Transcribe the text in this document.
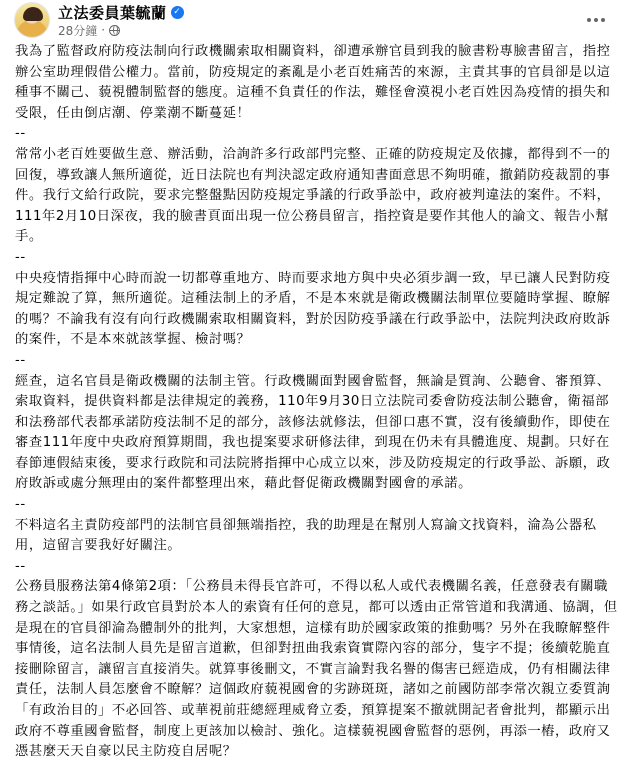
立法委員葉毓蘭 ✓
28分鐘 ·

我為了監督政府防疫法制向行政機關索取相關資料，卻遭承辦官員到我的臉書粉專臉書留言，指控辦公室助理假借公權力。當前，防疫規定的紊亂是小老百姓痛苦的來源，主責其事的官員卻是以這種事不關己、藐視體制監督的態度。這種不負責任的作法，難怪會漠視小老百姓因為疫情的損失和受限，任由倒店潮、停業潮不斷蔓延！

--

常常小老百姓要做生意、辦活動，洽詢許多行政部門完整、正確的防疫規定及依據，都得到不一的回復，導致讓人無所適從，近日法院也有判決認定政府通知書面意思不夠明確，撤銷防疫裁罰的事件。我行文給行政院，要求完整盤點因防疫規定爭議的行政爭訟中，政府被判違法的案件。不料，111年2月10日深夜，我的臉書頁面出現一位公務員留言，指控資是要作其他人的論文、報告小幫手。

--

中央疫情指揮中心時而說一切都尊重地方、時而要求地方與中央必須步調一致，早已讓人民對防疫規定難說了算，無所適從。這種法制上的矛盾，不是本來就是衛政機關法制單位要隨時掌握、瞭解的嗎？不論我有沒有向行政機關索取相關資料，對於因防疫爭議在行政爭訟中，法院判決政府敗訴的案件，不是本來就該掌握、檢討嗎？

--

經查，這名官員是衛政機關的法制主管。行政機關面對國會監督，無論是質詢、公聽會、審預算、索取資料，提供資料都是法律規定的義務，110年9月30日立法院司委會防疫法制公聽會，衛福部和法務部代表都承諾防疫法制不足的部分，該修法就修法，但卻口惠不實，沒有後續動作，即使在審查111年度中央政府預算期間，我也提案要求研修法律，到現在仍未有具體進度、規劃。只好在春節連假結束後，要求行政院和司法院將指揮中心成立以來，涉及防疫規定的行政爭訟、訴願，政府敗訴或處分無理由的案件都整理出來，藉此督促衛政機關對國會的承諾。

--

不料這名主責防疫部門的法制官員卻無端指控，我的助理是在幫別人寫論文找資料，淪為公器私用，這留言要我好好關注。

--

公務員服務法第4條第2項：「公務員未得長官許可，不得以私人或代表機關名義，任意發表有關職務之談話。」如果行政官員對於本人的索資有任何的意見，都可以透由正常管道和我溝通、協調，但是現在的官員卻淪為體制外的批判，大家想想，這樣有助於國家政策的推動嗎？另外在我瞭解整件事情後，這名法制人員先是留言道歉，但卻對扭曲我索資實際內容的部分，隻字不提；後續乾脆直接刪除留言，讓留言直接消失。就算事後刪文，不實言論對我名譽的傷害已經造成，仍有相關法律責任，法制人員怎麼會不瞭解？這個政府藐視國會的劣跡斑斑，諸如之前國防部李常次親立委質詢「有政治目的」不必回答、或華視前莊總經理威脅立委，預算提案不撤就開記者會批判，都顯示出政府不尊重國會監督，制度上更該加以檢討、強化。這樣藐視國會監督的惡例，再添一樁，政府又憑甚麼天天自豪以民主防疫自居呢？
